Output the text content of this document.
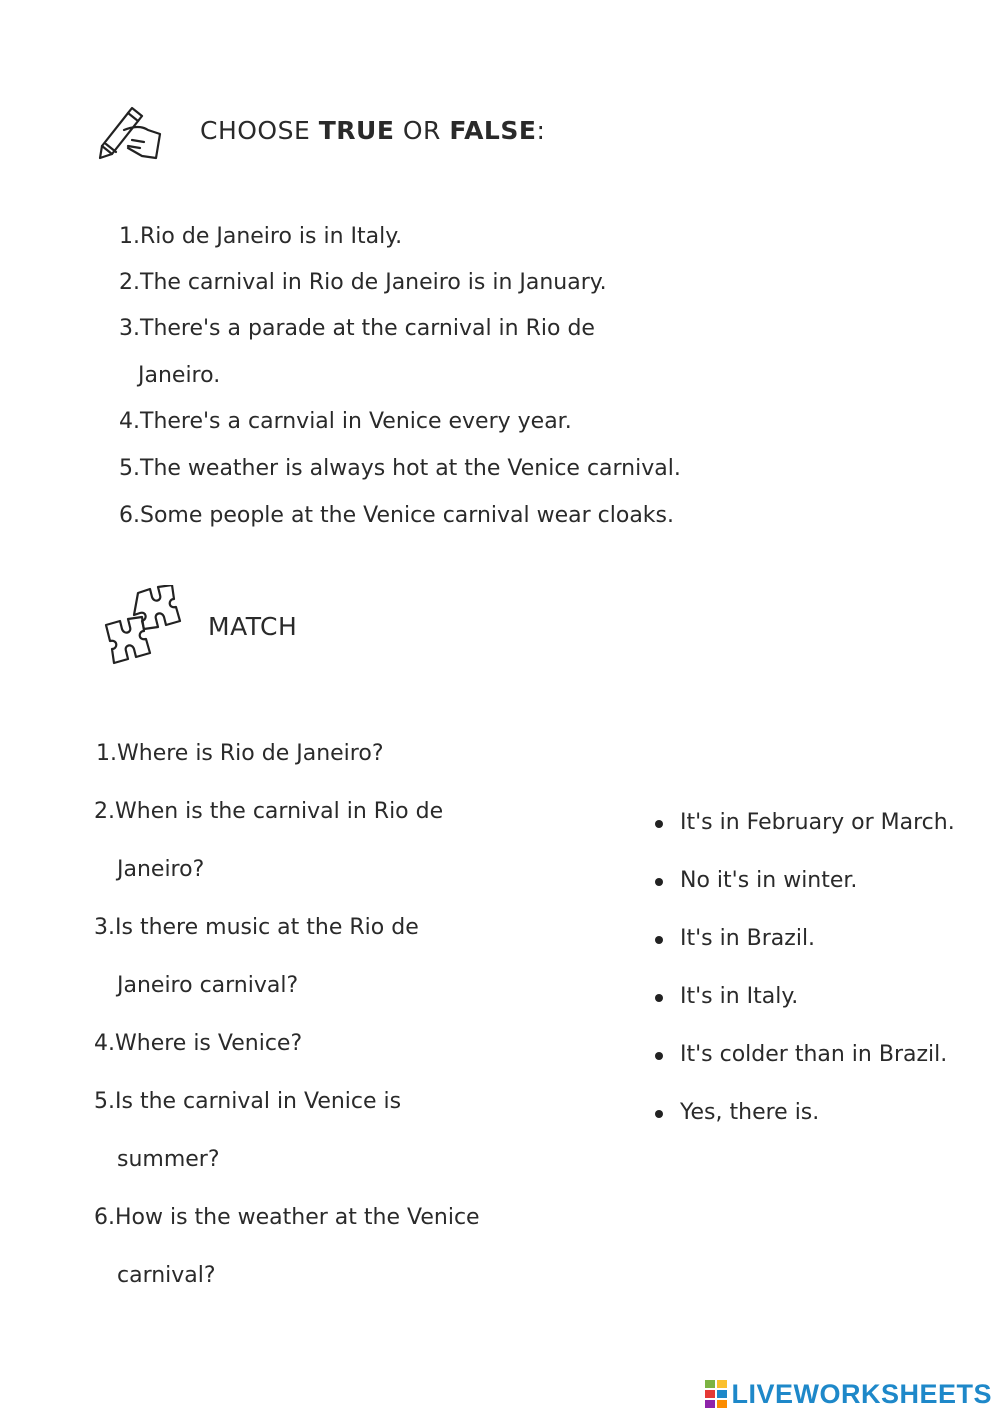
CHOOSE TRUE OR FALSE:
1. Rio de Janeiro is in Italy.
2. The carnival in Rio de Janeiro is in January.
3. There's a parade at the carnival in Rio de
Janeiro.
4. There's a carnvial in Venice every year.
5. The weather is always hot at the Venice carnival.
6. Some people at the Venice carnival wear cloaks.
MATCH
1.Where is Rio de Janeiro?
2.When is the carnival in Rio de
Janeiro?
3.Is there music at the Rio de
Janeiro carnival?
4.Where is Venice?
5.Is the carnival in Venice is
summer?
6.How is the weather at the Venice
carnival?
It's in February or March.
No it's in winter.
It's in Brazil.
It's in Italy.
It's colder than in Brazil.
Yes, there is.
LIVEWORKSHEETS
